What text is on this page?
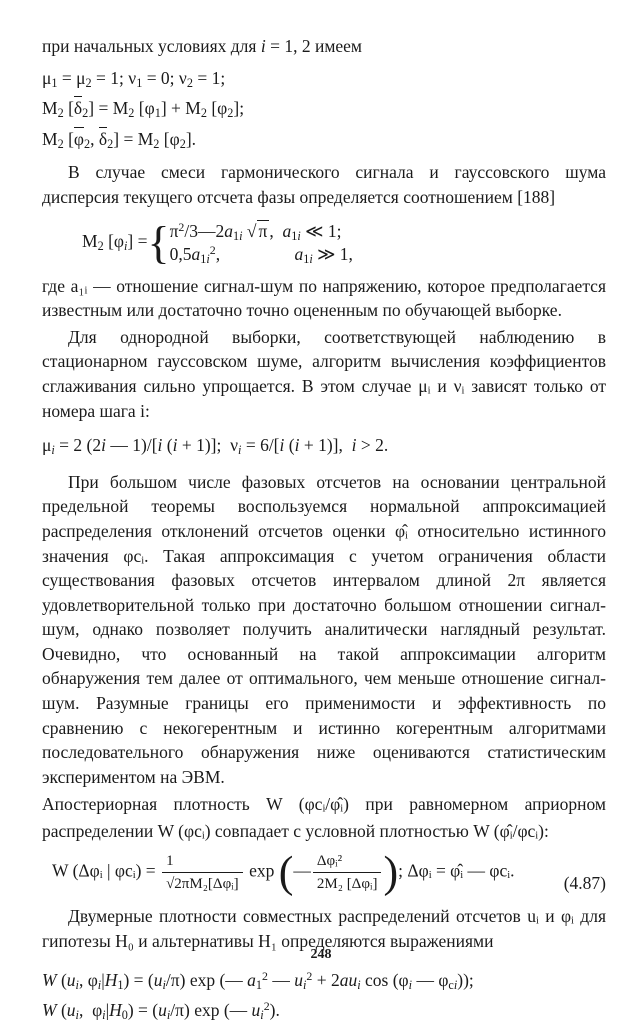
при начальных условиях для i = 1, 2 имеем

$\mu_1 = \mu_2 = 1$; $\nu_1 = 0$; $\nu_2 = 1$;

$M_2$ $[\delta_2] = M_2$ $[\varphi_1] + M_2$ $[\varphi_2]$;

$M_2$ [$\varphi_2$, $\delta_2] = M_2$ $[\varphi_2]$.

В случае смеси гармонического сигнала и гауссовского шума дисперсия текущего отсчета фазы определяется соотношением [188]

$M_2$ $[\varphi_i]$ $=\{\pi^2/3—2a_{1i}$ √ π ,  $a_{1i}$ ≪ 1;
$0,5a_{1i}^2$,                 $a_{1i}$ ≫ 1,

где a₁ᵢ — отношение сигнал-шум по напряжению, которое предполагается известным или достаточно точно оцененным по обучающей выборке.

Для однородной выборки, соответствующей наблюдению в стационарном гауссовском шуме, алгоритм вычисления коэффициентов сглаживания сильно упрощается. В этом случае μᵢ и νᵢ зависят только от номера шага i:

$\mu_i = 2$ (2i — 1)/[i (i + 1)];  $\nu_i = 6/[i$ (i + 1)],  i > 2.

При большом числе фазовых отсчетов на основании центральной предельной теоремы воспользуемся нормальной аппроксимацией распределения отклонений отсчетов оценки φ̂ᵢ относительно истинного значения φcᵢ. Такая аппроксимация с учетом ограничения области существования фазовых отсчетов интервалом длиной 2π является удовлетворительной только при достаточно большом отношении сигнал-шум, однако позволяет получить аналитически наглядный результат. Очевидно, что основанный на такой аппроксимации алгоритм обнаружения тем далее от оптимального, чем меньше отношение сигнал-шум. Разумные границы его применимости и эффективность по сравнению с некогерентным и истинно когерентным алгоритмами последовательного обнаружения ниже оцениваются статистическим экспериментом на ЭВМ.

Апостериорная плотность W (φcᵢ/φ̂ᵢ) при равномерном априорном распределении W (φcᵢ) совпадает с условной плотностью W (φ̂ᵢ/φcᵢ):

W (Δφᵢ | φcᵢ) = $\frac{1}{\text{√2πM₂[Δφᵢ]}}$ exp (— $\frac{\text{Δφᵢ²}}{\text{2M₂ [Δφᵢ]}}$ ); Δφᵢ = φ̂ᵢ — φcᵢ.
(4.87)

Двумерные плотности совместных распределений отсчетов uᵢ и φᵢ для гипотезы H₀ и альтернативы H₁ определяются выражениями

W ($u_i$, $\varphi_i|H_1) = (u_i/\pi)$ exp (— $a_1^2$ — $u_i^2 + 2au_i$ $\cos (\varphi_i$ — $\varphi_{ci}$));

W ($u_i$,  $\varphi_i|H_0) = (u_i/\pi)$ exp (— $u_i^2$).

248
